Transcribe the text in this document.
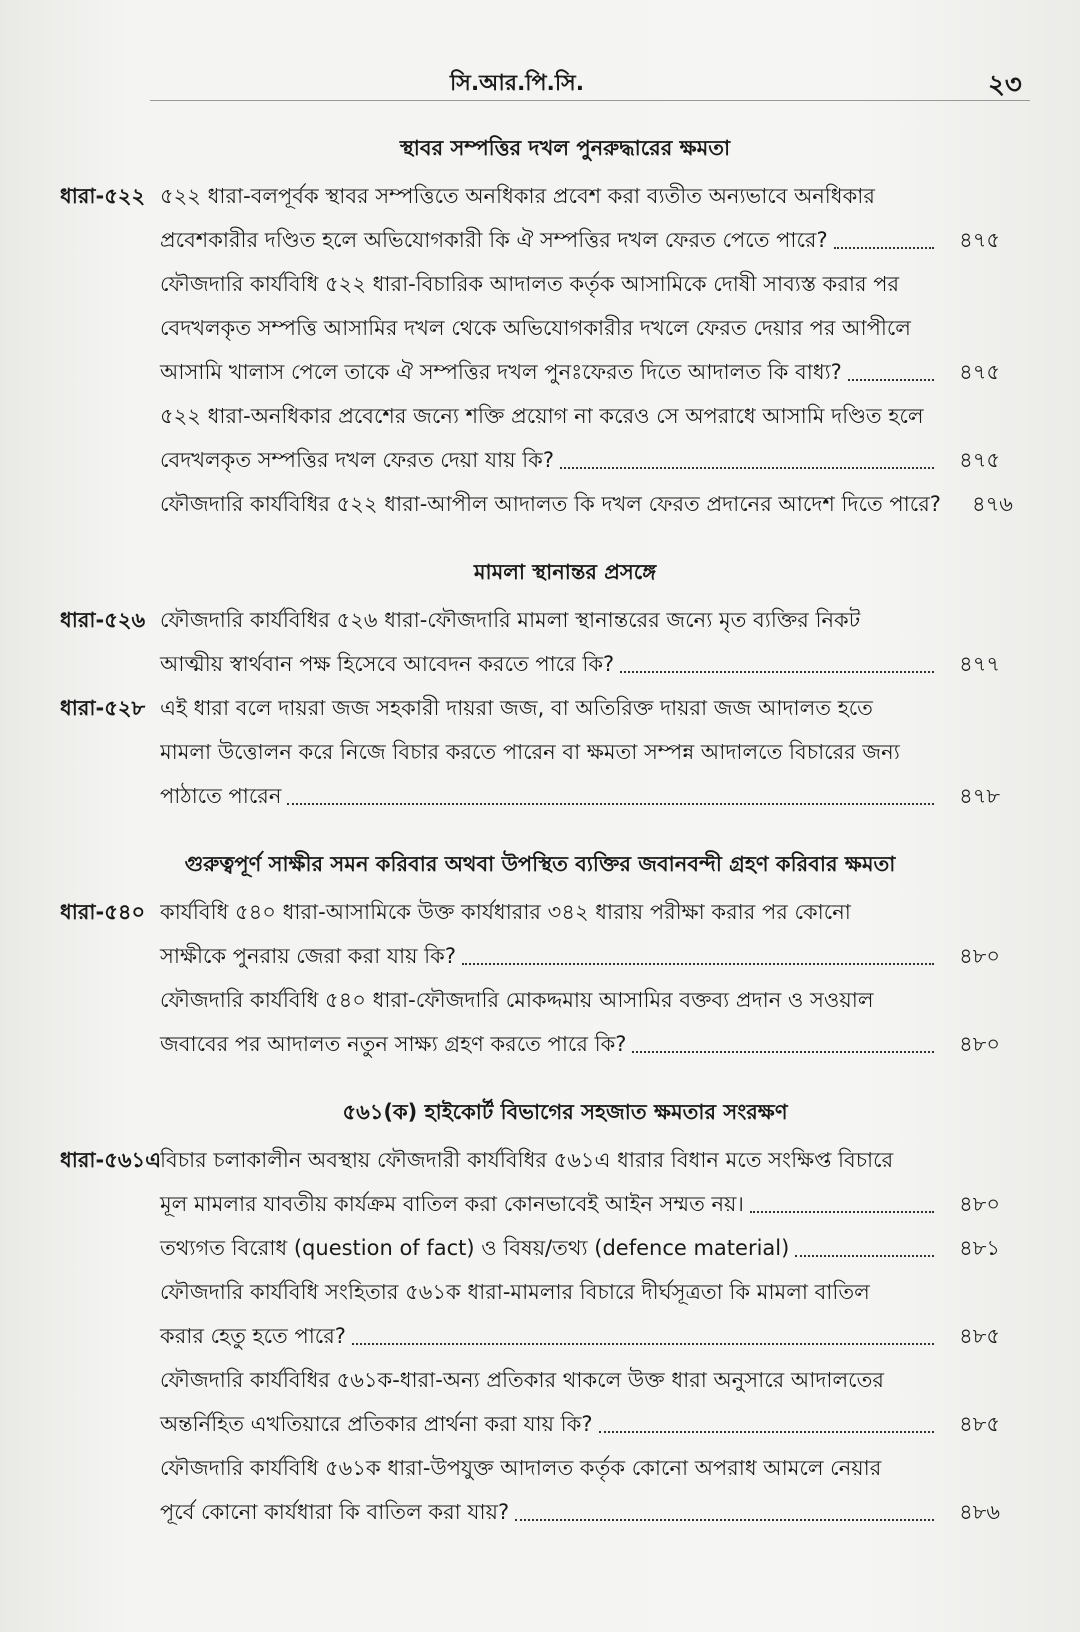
সি.আর.পি.সি.	২৩
স্থাবর সম্পত্তির দখল পুনরুদ্ধারের ক্ষমতা
ধারা-৫২২ ৫২২ ধারা-বলপূর্বক স্থাবর সম্পত্তিতে অনধিকার প্রবেশ করা ব্যতীত অন্যভাবে অনধিকার
প্রবেশকারীর দণ্ডিত হলে অভিযোগকারী কি ঐ সম্পত্তির দখল ফেরত পেতে পারে?	৪৭৫
ফৌজদারি কার্যবিধি ৫২২ ধারা-বিচারিক আদালত কর্তৃক আসামিকে দোষী সাব্যস্ত করার পর
বেদখলকৃত সম্পত্তি আসামির দখল থেকে অভিযোগকারীর দখলে ফেরত দেয়ার পর আপীলে
আসামি খালাস পেলে তাকে ঐ সম্পত্তির দখল পুনঃফেরত দিতে আদালত কি বাধ্য?	৪৭৫
৫২২ ধারা-অনধিকার প্রবেশের জন্যে শক্তি প্রয়োগ না করেও সে অপরাধে আসামি দণ্ডিত হলে
বেদখলকৃত সম্পত্তির দখল ফেরত দেয়া যায় কি?	৪৭৫
ফৌজদারি কার্যবিধির ৫২২ ধারা-আপীল আদালত কি দখল ফেরত প্রদানের আদেশ দিতে পারে?	৪৭৬
মামলা স্থানান্তর প্রসঙ্গে
ধারা-৫২৬ ফৌজদারি কার্যবিধির ৫২৬ ধারা-ফৌজদারি মামলা স্থানান্তরের জন্যে মৃত ব্যক্তির নিকট
আত্মীয় স্বার্থবান পক্ষ হিসেবে আবেদন করতে পারে কি?	৪৭৭
ধারা-৫২৮ এই ধারা বলে দায়রা জজ সহকারী দায়রা জজ, বা অতিরিক্ত দায়রা জজ আদালত হতে
মামলা উত্তোলন করে নিজে বিচার করতে পারেন বা ক্ষমতা সম্পন্ন আদালতে বিচারের জন্য
পাঠাতে পারেন	৪৭৮
গুরুত্বপূর্ণ সাক্ষীর সমন করিবার অথবা উপস্থিত ব্যক্তির জবানবন্দী গ্রহণ করিবার ক্ষমতা
ধারা-৫৪০ কার্যবিধি ৫৪০ ধারা-আসামিকে উক্ত কার্যধারার ৩৪২ ধারায় পরীক্ষা করার পর কোনো
সাক্ষীকে পুনরায় জেরা করা যায় কি?	৪৮০
ফৌজদারি কার্যবিধি ৫৪০ ধারা-ফৌজদারি মোকদ্দমায় আসামির বক্তব্য প্রদান ও সওয়াল
জবাবের পর আদালত নতুন সাক্ষ্য গ্রহণ করতে পারে কি?	৪৮০
৫৬১(ক) হাইকোর্ট বিভাগের সহজাত ক্ষমতার সংরক্ষণ
ধারা-৫৬১এ
বিচার চলাকালীন অবস্থায় ফৌজদারী কার্যবিধির ৫৬১এ ধারার বিধান মতে সংক্ষিপ্ত বিচারে
মূল মামলার যাবতীয় কার্যক্রম বাতিল করা কোনভাবেই আইন সম্মত নয়।	৪৮০
তথ্যগত বিরোধ (question of fact) ও বিষয়/তথ্য (defence material)	৪৮১
ফৌজদারি কার্যবিধি সংহিতার ৫৬১ক ধারা-মামলার বিচারে দীর্ঘসূত্রতা কি মামলা বাতিল
করার হেতু হতে পারে?	৪৮৫
ফৌজদারি কার্যবিধির ৫৬১ক-ধারা-অন্য প্রতিকার থাকলে উক্ত ধারা অনুসারে আদালতের
অন্তর্নিহিত এখতিয়ারে প্রতিকার প্রার্থনা করা যায় কি?	৪৮৫
ফৌজদারি কার্যবিধি ৫৬১ক ধারা-উপযুক্ত আদালত কর্তৃক কোনো অপরাধ আমলে নেয়ার
পূর্বে কোনো কার্যধারা কি বাতিল করা যায়?	৪৮৬
